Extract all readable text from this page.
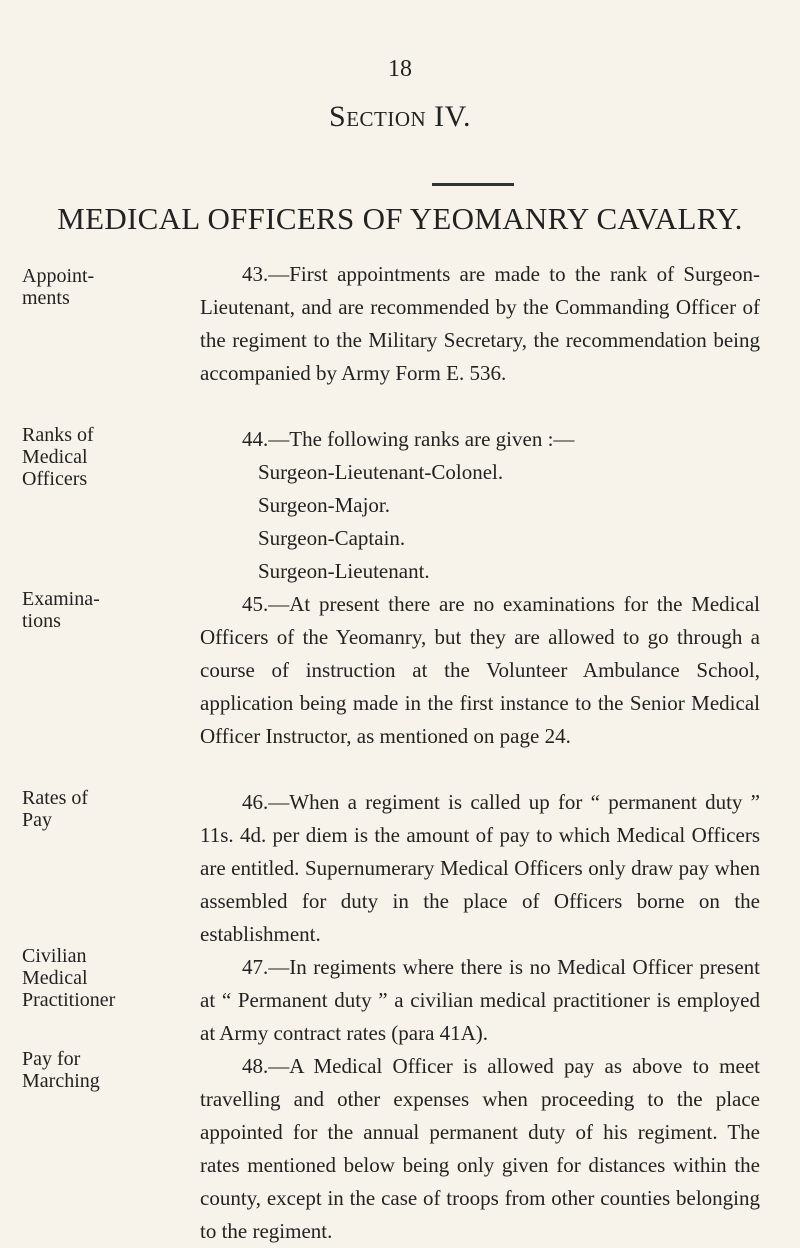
18
Section IV.
MEDICAL OFFICERS OF YEOMANRY CAVALRY.
Appoint-
ments
Ranks of
Medical
Officers
Examina-
tions
Rates of
Pay
Civilian
Medical
Practitioner
Pay for
Marching

43.—First appointments are made to the rank of Surgeon-Lieutenant, and are recommended by the Commanding Officer of the regiment to the Military Secretary, the recommendation being accompanied by Army Form E. 536.

44.—The following ranks are given :—

Surgeon-Lieutenant-Colonel.
Surgeon-Major.
Surgeon-Captain.
Surgeon-Lieutenant.

45.—At present there are no examinations for the Medical Officers of the Yeomanry, but they are allowed to go through a course of instruction at the Volunteer Ambulance School, application being made in the first instance to the Senior Medical Officer Instructor, as mentioned on page 24.

46.—When a regiment is called up for “ permanent duty ” 11s. 4d. per diem is the amount of pay to which Medical Officers are entitled. Supernumerary Medical Officers only draw pay when assembled for duty in the place of Officers borne on the establishment.

47.—In regiments where there is no Medical Officer present at “ Permanent duty ” a civilian medical practitioner is employed at Army contract rates (para 41A).

48.—A Medical Officer is allowed pay as above to meet travelling and other expenses when proceeding to the place appointed for the annual permanent duty of his regiment. The rates mentioned below being only given for distances within the county, except in the case of troops from other counties belonging to the regiment.
